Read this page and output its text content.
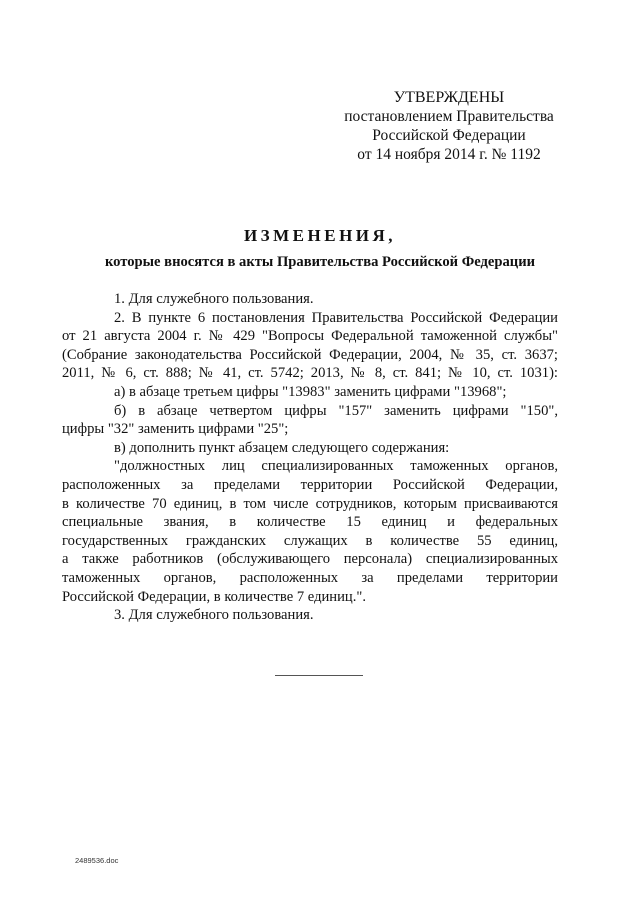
УТВЕРЖДЕНЫ
постановлением Правительства
Российской Федерации
от 14 ноября 2014 г. № 1192
ИЗМЕНЕНИЯ,
которые вносятся в акты Правительства Российской Федерации

1. Для служебного пользования.

2. В пункте 6 постановления Правительства Российской Федерации
от 21 августа 2004 г. № 429 "Вопросы Федеральной таможенной службы"
(Собрание законодательства Российской Федерации, 2004, № 35, ст. 3637;
2011, № 6, ст. 888; № 41, ст. 5742; 2013, № 8, ст. 841; № 10, ст. 1031):

а) в абзаце третьем цифры "13983" заменить цифрами "13968";

б) в абзаце четвертом цифры "157" заменить цифрами "150",
цифры "32" заменить цифрами "25";

в) дополнить пункт абзацем следующего содержания:

"должностных лиц специализированных таможенных органов,
расположенных за пределами территории Российской Федерации,
в количестве 70 единиц, в том числе сотрудников, которым присваиваются
специальные звания, в количестве 15 единиц и федеральных
государственных гражданских служащих в количестве 55 единиц,
а также работников (обслуживающего персонала) специализированных
таможенных органов, расположенных за пределами территории
Российской Федерации, в количестве 7 единиц.".

3. Для служебного пользования.

2489536.doc
